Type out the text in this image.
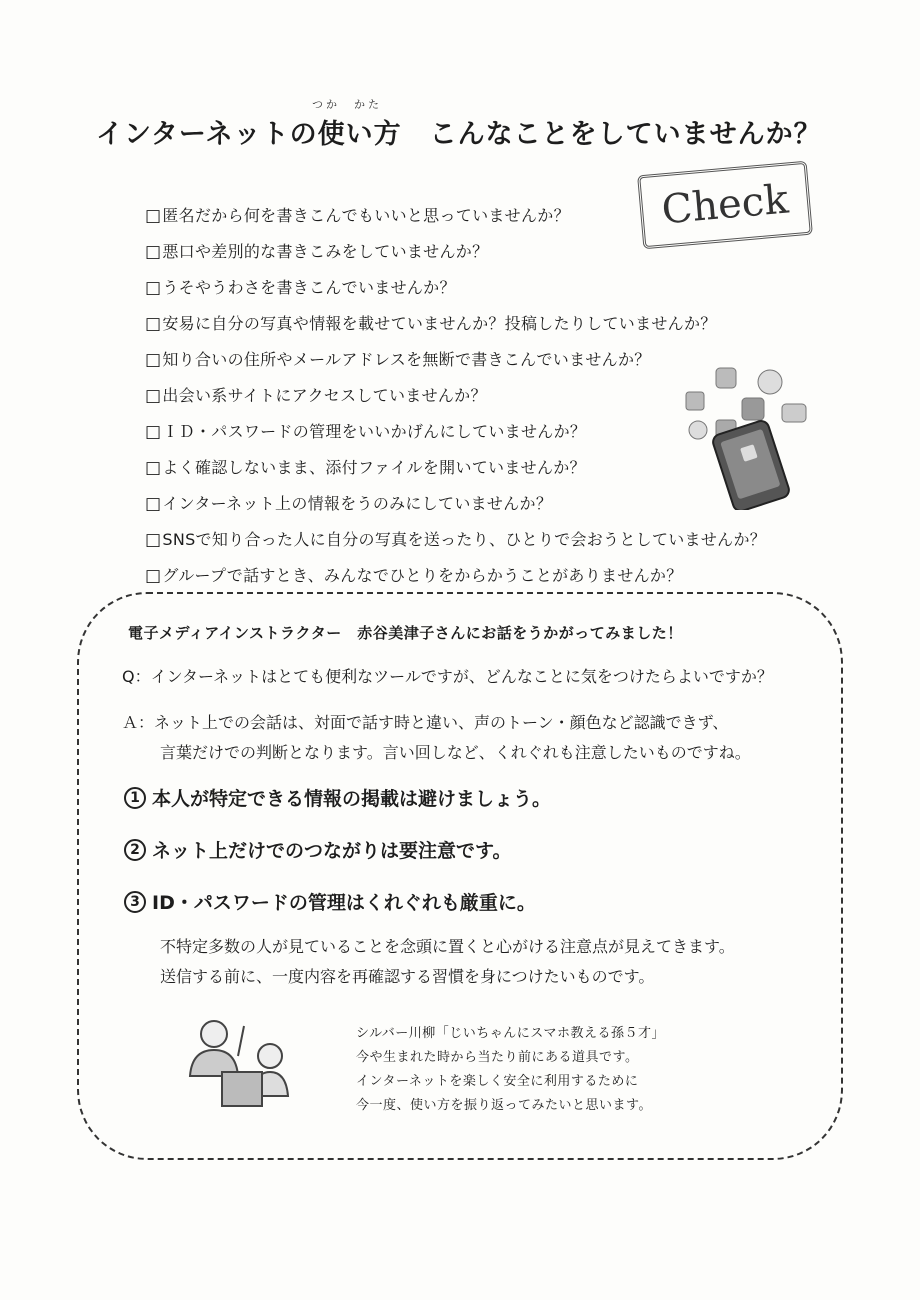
つか　かた
インターネットの使い方　こんなことをしていませんか？
Check
□ 匿名だから何を書きこんでもいいと思っていませんか？
□ 悪口や差別的な書きこみをしていませんか？
□ うそやうわさを書きこんでいませんか？
□ 安易に自分の写真や情報を載せていませんか？投稿したりしていませんか？
□ 知り合いの住所やメールアドレスを無断で書きこんでいませんか？
□ 出会い系サイトにアクセスしていませんか？
□ ＩＤ・パスワードの管理をいいかげんにしていませんか？
□ よく確認しないまま、添付ファイルを開いていませんか？
□ インターネット上の情報をうのみにしていませんか？
□ SNSで知り合った人に自分の写真を送ったり、ひとりで会おうとしていませんか？
□ グループで話すとき、みんなでひとりをからかうことがありませんか？
電子メディアインストラクター　赤谷美津子さんにお話をうかがってみました！
Q：インターネットはとても便利なツールですが、どんなことに気をつけたらよいですか？
Ａ：ネット上での会話は、対面で話す時と違い、声のトーン・顔色など認識できず、
言葉だけでの判断となります。言い回しなど、くれぐれも注意したいものですね。
1 本人が特定できる情報の掲載は避けましょう。
2 ネット上だけでのつながりは要注意です。
3 ID・パスワードの管理はくれぐれも厳重に。
不特定多数の人が見ていることを念頭に置くと心がける注意点が見えてきます。
送信する前に、一度内容を再確認する習慣を身につけたいものです。
シルバー川柳「じいちゃんにスマホ教える孫５才」
今や生まれた時から当たり前にある道具です。
インターネットを楽しく安全に利用するために
今一度、使い方を振り返ってみたいと思います。
